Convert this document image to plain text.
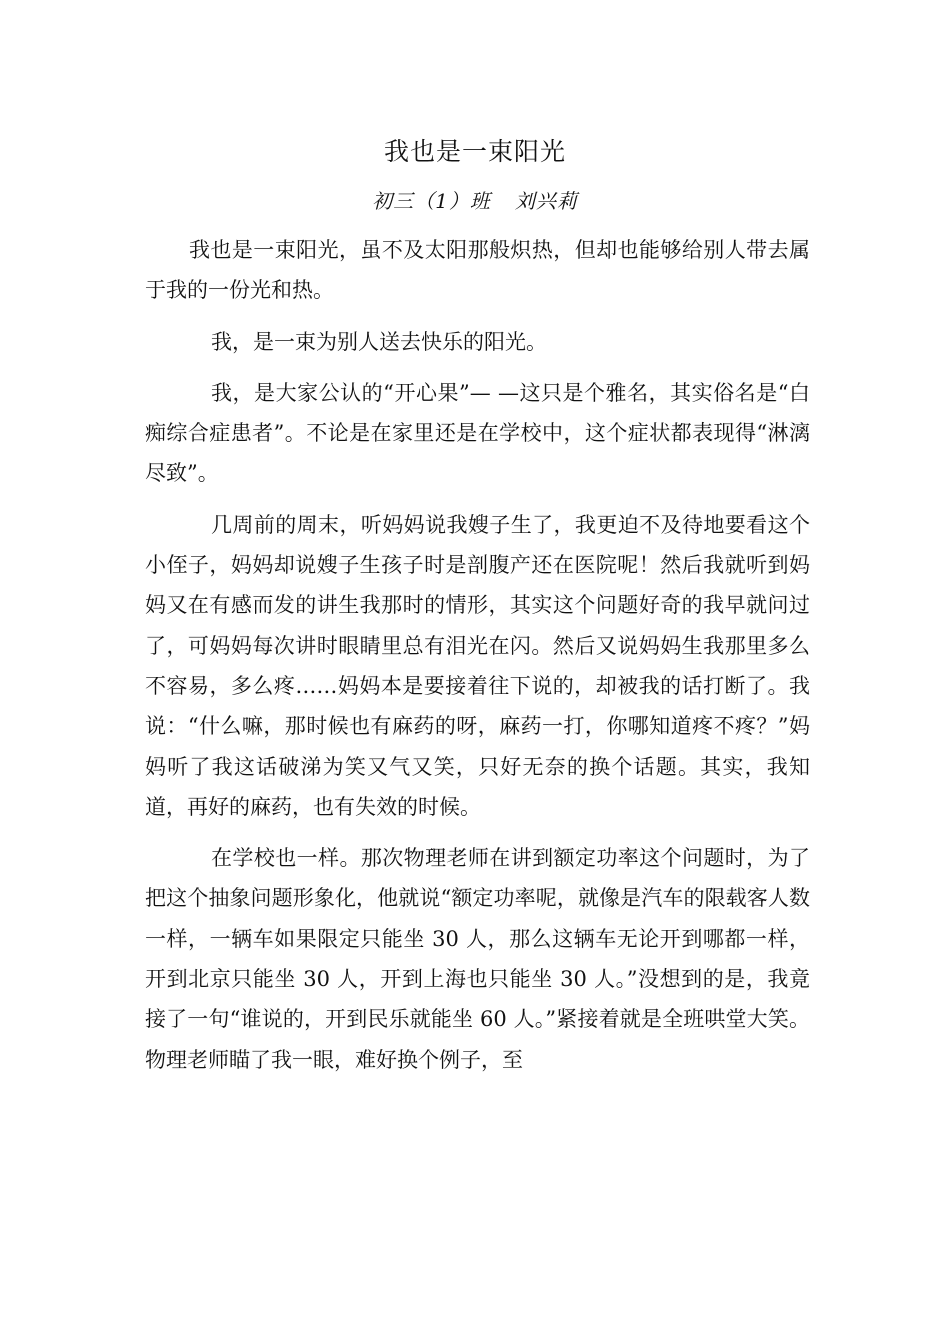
我也是一束阳光
初三（1）班 刘兴莉

我也是一束阳光，虽不及太阳那般炽热，但却也能够给别人带去属于我的一份光和热。

我，是一束为别人送去快乐的阳光。

我，是大家公认的“开心果”— —这只是个雅名，其实俗名是“白痴综合症患者”。不论是在家里还是在学校中，这个症状都表现得“淋漓尽致”。

几周前的周末，听妈妈说我嫂子生了，我更迫不及待地要看这个小侄子，妈妈却说嫂子生孩子时是剖腹产还在医院呢！然后我就听到妈妈又在有感而发的讲生我那时的情形，其实这个问题好奇的我早就问过了，可妈妈每次讲时眼睛里总有泪光在闪。然后又说妈妈生我那里多么不容易，多么疼……妈妈本是要接着往下说的，却被我的话打断了。我说：“什么嘛，那时候也有麻药的呀，麻药一打，你哪知道疼不疼？”妈妈听了我这话破涕为笑又气又笑，只好无奈的换个话题。其实，我知道，再好的麻药，也有失效的时候。

在学校也一样。那次物理老师在讲到额定功率这个问题时，为了把这个抽象问题形象化，他就说“额定功率呢，就像是汽车的限载客人数一样，一辆车如果限定只能坐 30 人，那么这辆车无论开到哪都一样，开到北京只能坐 30 人，开到上海也只能坐 30 人。”没想到的是，我竟接了一句“谁说的，开到民乐就能坐 60 人。”紧接着就是全班哄堂大笑。物理老师瞄了我一眼，难好换个例子，至
